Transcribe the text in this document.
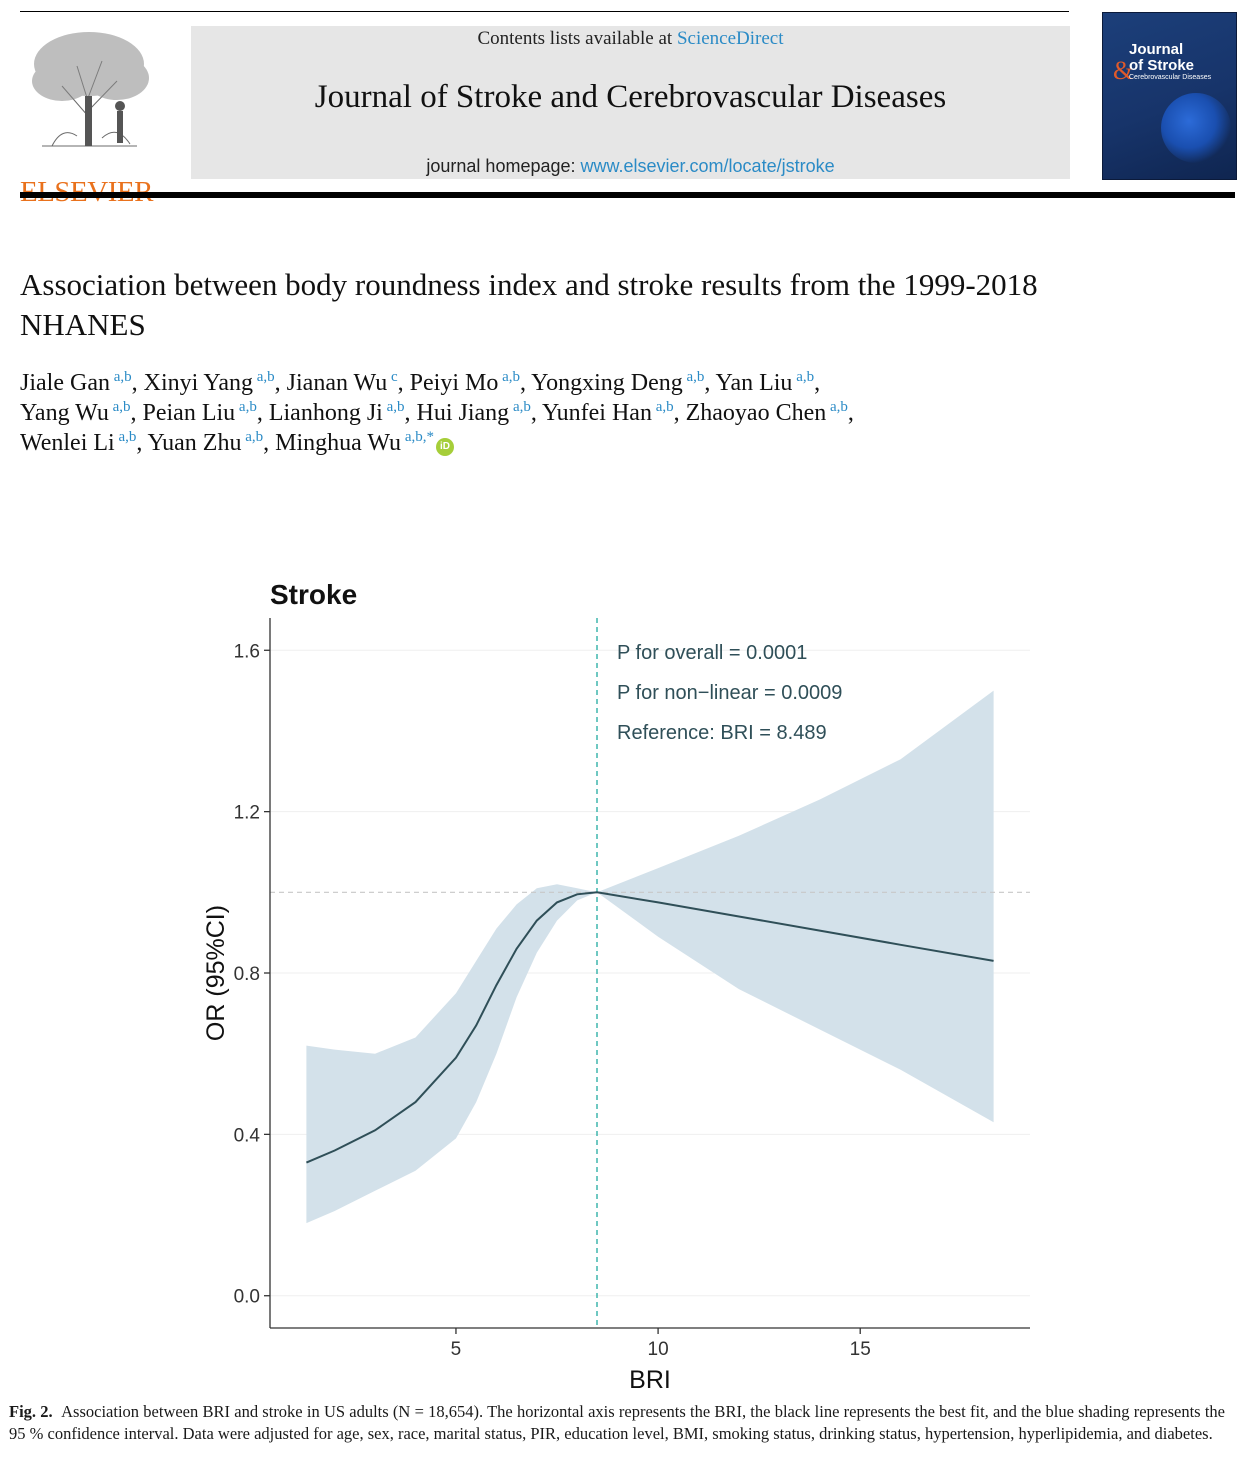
Contents lists available at ScienceDirect
Journal of Stroke and Cerebrovascular Diseases
journal homepage: www.elsevier.com/locate/jstroke
Journal
&
of Stroke
Cerebrovascular Diseases
Association between body roundness index and stroke results from the 1999-2018 NHANES
Jiale Gan $^{a,b}$, Xinyi Yang $^{a,b}$, Jianan Wu $^c$, Peiyi Mo $^{a,b}$, Yongxing Deng $^{a,b}$, Yan Liu $^{a,b}$,
Yang Wu $^{a,b}$, Peian Liu $^{a,b}$, Lianhong Ji $^{a,b}$, Hui Jiang $^{a,b}$, Yunfei Han $^{a,b}$, Zhaoyao Chen $^{a,b}$,
Wenlei Li $^{a,b}$, Yuan Zhu $^{a,b}$, Minghua Wu $^{a,b,*}$iD
0.0
0.4
0.8
1.2
1.6
5	10	15
Stroke
BRI
OR (95%CI)
P for overall = 0.0001
P for non−linear = 0.0009
Reference: BRI = 8.489
Fig. 2. Association between BRI and stroke in US adults (N = 18,654). The horizontal axis represents the BRI, the black line represents the best fit, and the blue shading represents the 95 % confidence interval. Data were adjusted for age, sex, race, marital status, PIR, education level, BMI, smoking status, drinking status, hypertension, hyperlipidemia, and diabetes.
